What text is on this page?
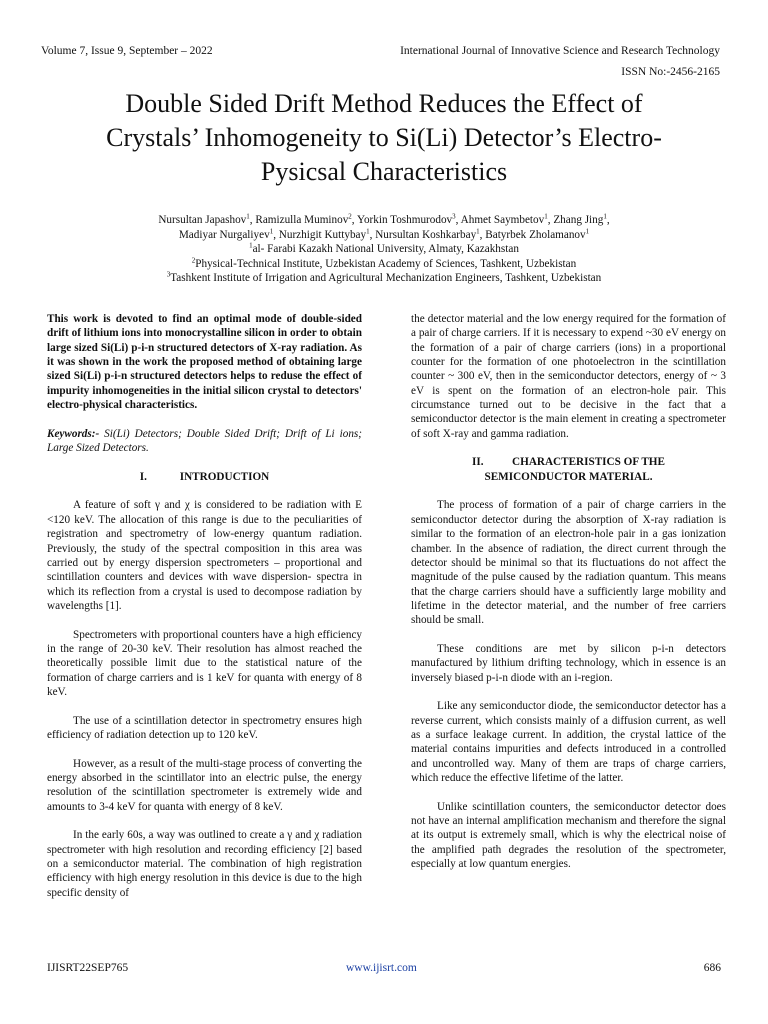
Volume 7, Issue 9, September – 2022	International Journal of Innovative Science and Research Technology
ISSN No:-2456-2165
Double Sided Drift Method Reduces the Effect of
Crystals’ Inhomogeneity to Si(Li) Detector’s Electro-
Pysicsal Characteristics
Nursultan Japashov$^1$, Ramizulla Muminov$^2$, Yorkin Toshmurodov$^3$, Ahmet Saymbetov$^1$, Zhang Jing$^1$,
Madiyar Nurgaliyev$^1$, Nurzhigit Kuttybay$^1$, Nursultan Koshkarbay$^1$, Batyrbek Zholamanov$^1$
$^1$al- Farabi Kazakh National University, Almaty, Kazakhstan
$^2$Physical-Technical Institute, Uzbekistan Academy of Sciences, Tashkent, Uzbekistan
$^3$Tashkent Institute of Irrigation and Agricultural Mechanization Engineers, Tashkent, Uzbekistan

This work is devoted to find an optimal mode of double-sided drift of lithium ions into monocrystalline silicon in order to obtain large sized Si(Li) p-i-n structured detectors of X-ray radiation. As it was shown in the work the proposed method of obtaining large sized Si(Li) p-i-n structured detectors helps to reduse the effect of impurity inhomogeneities in the initial silicon crystal to detectors' electro-physical characteristics.

Keywords:- Si(Li) Detectors; Double Sided Drift; Drift of Li ions; Large Sized Detectors.

I.	INTRODUCTION

A feature of soft γ and χ is considered to be radiation with E <120 keV. The allocation of this range is due to the peculiarities of registration and spectrometry of low-energy quantum radiation. Previously, the study of the spectral composition in this area was carried out by energy dispersion spectrometers – proportional and scintillation counters and devices with wave dispersion- spectra in which its reflection from a crystal is used to decompose radiation by wavelengths [1].

Spectrometers with proportional counters have a high efficiency in the range of 20-30 keV. Their resolution has almost reached the theoretically possible limit due to the statistical nature of the formation of charge carriers and is 1 keV for quanta with energy of 8 keV.

The use of a scintillation detector in spectrometry ensures high efficiency of radiation detection up to 120 keV.

However, as a result of the multi-stage process of converting the energy absorbed in the scintillator into an electric pulse, the energy resolution of the scintillation spectrometer is extremely wide and amounts to 3-4 keV for quanta with energy of 8 keV.

In the early 60s, a way was outlined to create a γ and χ radiation spectrometer with high resolution and recording efficiency [2] based on a semiconductor material. The combination of high registration efficiency with high energy resolution in this device is due to the high specific density of

the detector material and the low energy required for the formation of a pair of charge carriers. If it is necessary to expend ~30 eV energy on the formation of a pair of charge carriers (ions) in a proportional counter for the formation of one photoelectron in the scintillation counter ~ 300 eV, then in the semiconductor detectors, energy of ~ 3 eV is spent on the formation of an electron-hole pair. This circumstance turned out to be decisive in the fact that a semiconductor detector is the main element in creating a spectrometer of soft X-ray and gamma radiation.

II.	CHARACTERISTICS OF THE
SEMICONDUCTOR MATERIAL.

The process of formation of a pair of charge carriers in the semiconductor detector during the absorption of X-ray radiation is similar to the formation of an electron-hole pair in a gas ionization chamber. In the absence of radiation, the direct current through the detector should be minimal so that its fluctuations do not affect the magnitude of the pulse caused by the radiation quantum. This means that the charge carriers should have a sufficiently large mobility and lifetime in the detector material, and the number of free carriers should be small.

These conditions are met by silicon p-i-n detectors manufactured by lithium drifting technology, which in essence is an inversely biased p-i-n diode with an i-region.

Like any semiconductor diode, the semiconductor detector has a reverse current, which consists mainly of a diffusion current, as well as a surface leakage current. In addition, the crystal lattice of the material contains impurities and defects introduced in a controlled and uncontrolled way. Many of them are traps of charge carriers, which reduce the effective lifetime of the latter.

Unlike scintillation counters, the semiconductor detector does not have an internal amplification mechanism and therefore the signal at its output is extremely small, which is why the electrical noise of the amplified path degrades the resolution of the spectrometer, especially at low quantum energies.

IJISRT22SEP765	www.ijisrt.com	686
